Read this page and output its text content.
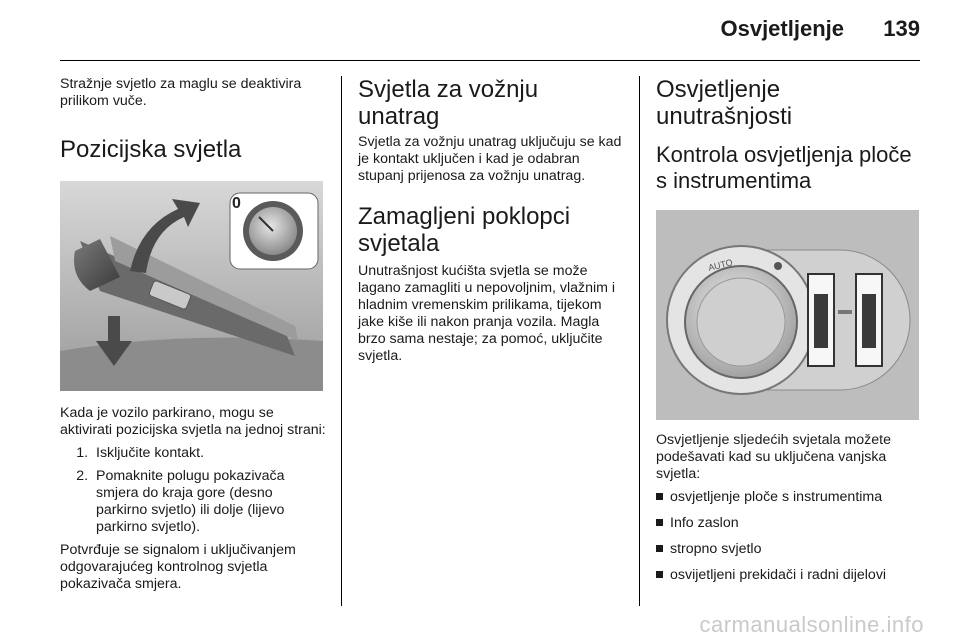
Osvjetljenje 139

Stražnje svjetlo za maglu se deaktivira prilikom vuče.

Pozicijska svjetla
0

Kada je vozilo parkirano, mogu se aktivirati pozicijska svjetla na jednoj strani:

1. Isključite kontakt.
2. Pomaknite polugu pokazivača smjera do kraja gore (desno parkirno svjetlo) ili dolje (lijevo parkirno svjetlo).

Potvrđuje se signalom i uključivanjem odgovarajućeg kontrolnog svjetla pokazivača smjera.

Svjetla za vožnju unatrag

Svjetla za vožnju unatrag uključuju se kad je kontakt uključen i kad je odabran stupanj prijenosa za vožnju unatrag.

Zamagljeni poklopci svjetala

Unutrašnjost kućišta svjetla se može lagano zamagliti u nepovoljnim, vlažnim i hladnim vremenskim prilikama, tijekom jake kiše ili nakon pranja vozila. Magla brzo sama nestaje; za pomoć, uključite svjetla.

Osvjetljenje unutrašnjosti
Kontrola osvjetljenja ploče s instrumentima
AUTO

Osvjetljenje sljedećih svjetala možete podešavati kad su uključena vanjska svjetla:

osvjetljenje ploče s instrumentima
Info zaslon
stropno svjetlo
osvijetljeni prekidači i radni dijelovi
carmanualsonline.info
